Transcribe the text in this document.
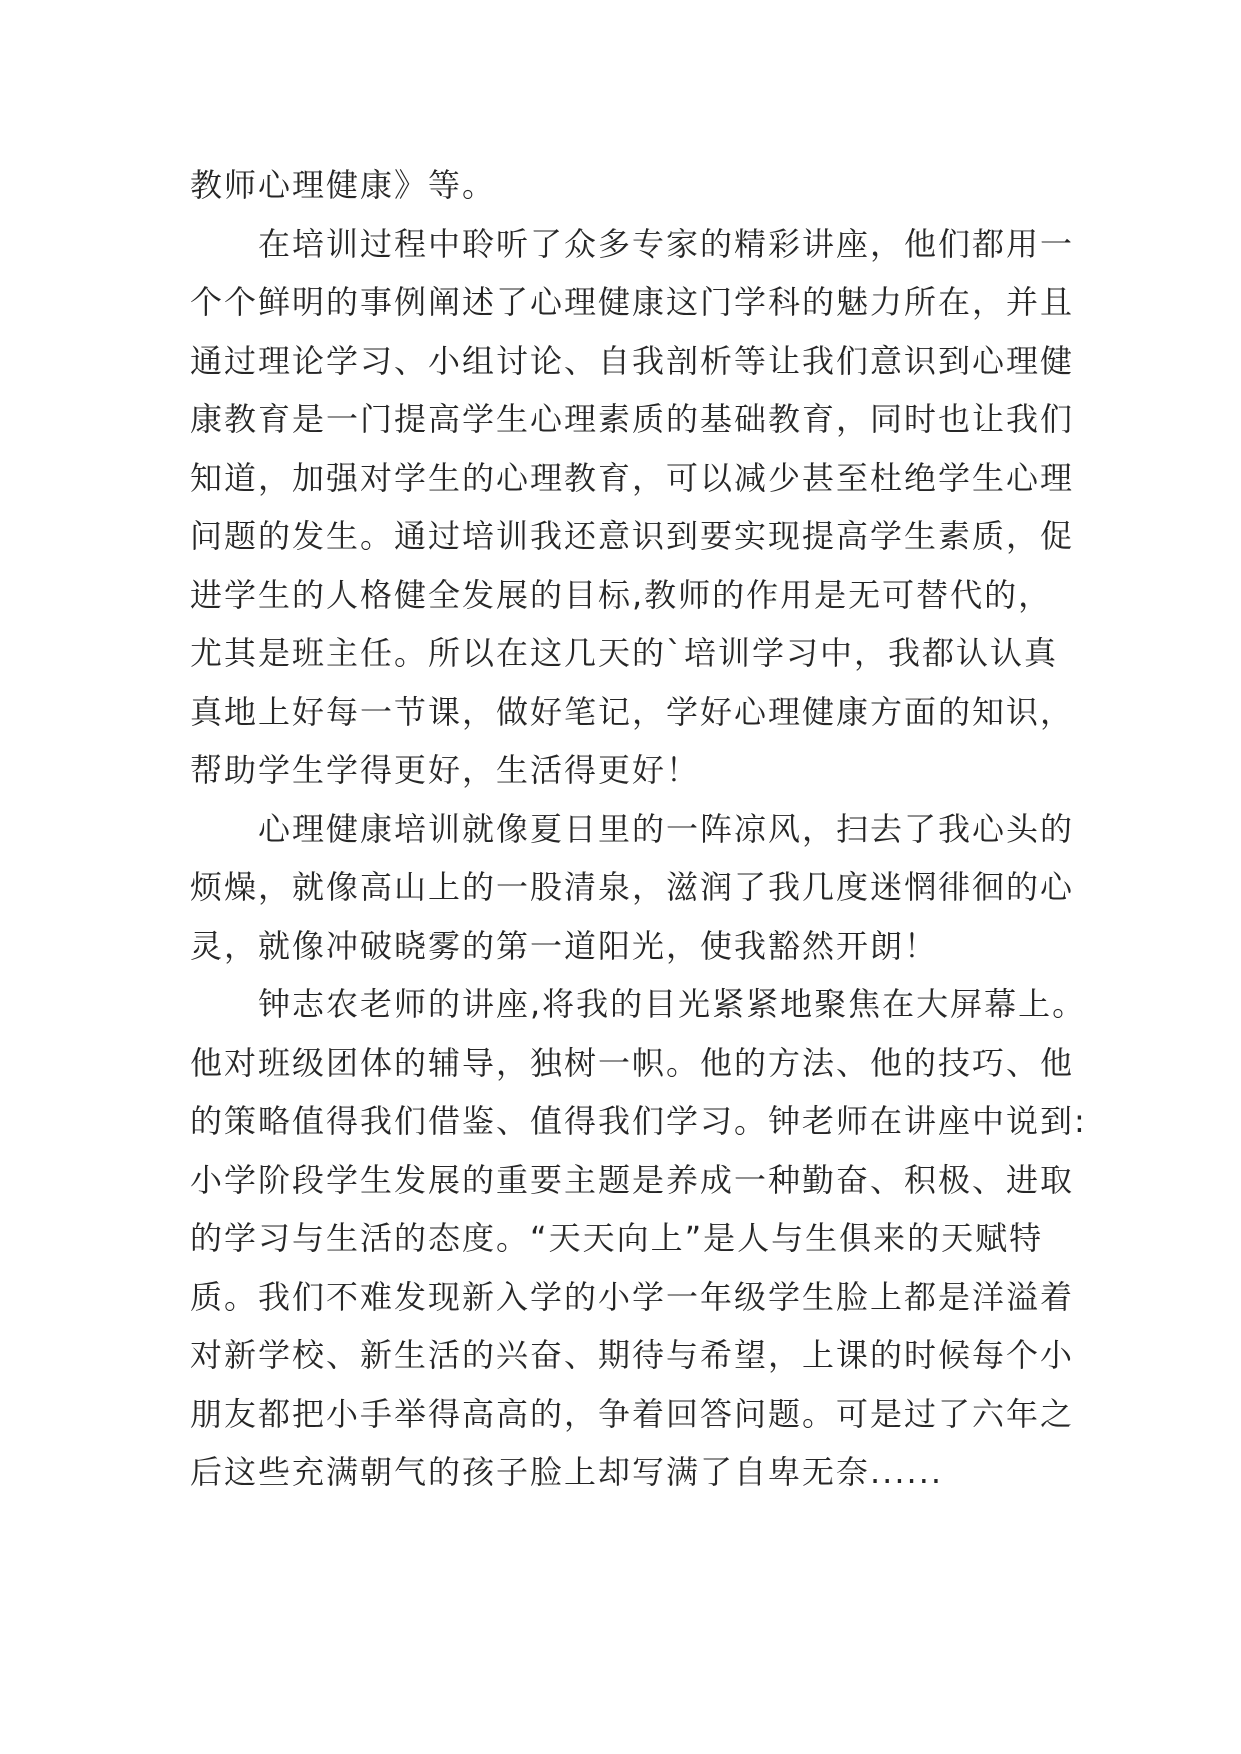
教师心理健康》等。
在培训过程中聆听了众多专家的精彩讲座，他们都用一
个个鲜明的事例阐述了心理健康这门学科的魅力所在，并且
通过理论学习、小组讨论、自我剖析等让我们意识到心理健
康教育是一门提高学生心理素质的基础教育，同时也让我们
知道，加强对学生的心理教育，可以减少甚至杜绝学生心理
问题的发生。通过培训我还意识到要实现提高学生素质，促
进学生的人格健全发展的目标,教师的作用是无可替代的，
尤其是班主任。所以在这几天的`培训学习中，我都认认真
真地上好每一节课，做好笔记，学好心理健康方面的知识，
帮助学生学得更好，生活得更好！
心理健康培训就像夏日里的一阵凉风，扫去了我心头的
烦燥，就像高山上的一股清泉，滋润了我几度迷惘徘徊的心
灵，就像冲破晓雾的第一道阳光，使我豁然开朗！
钟志农老师的讲座,将我的目光紧紧地聚焦在大屏幕上。
他对班级团体的辅导，独树一帜。他的方法、他的技巧、他
的策略值得我们借鉴、值得我们学习。钟老师在讲座中说到:
小学阶段学生发展的重要主题是养成一种勤奋、积极、进取
的学习与生活的态度。“天天向上”是人与生俱来的天赋特
质。我们不难发现新入学的小学一年级学生脸上都是洋溢着
对新学校、新生活的兴奋、期待与希望，上课的时候每个小
朋友都把小手举得高高的，争着回答问题。可是过了六年之
后这些充满朝气的孩子脸上却写满了自卑无奈......
